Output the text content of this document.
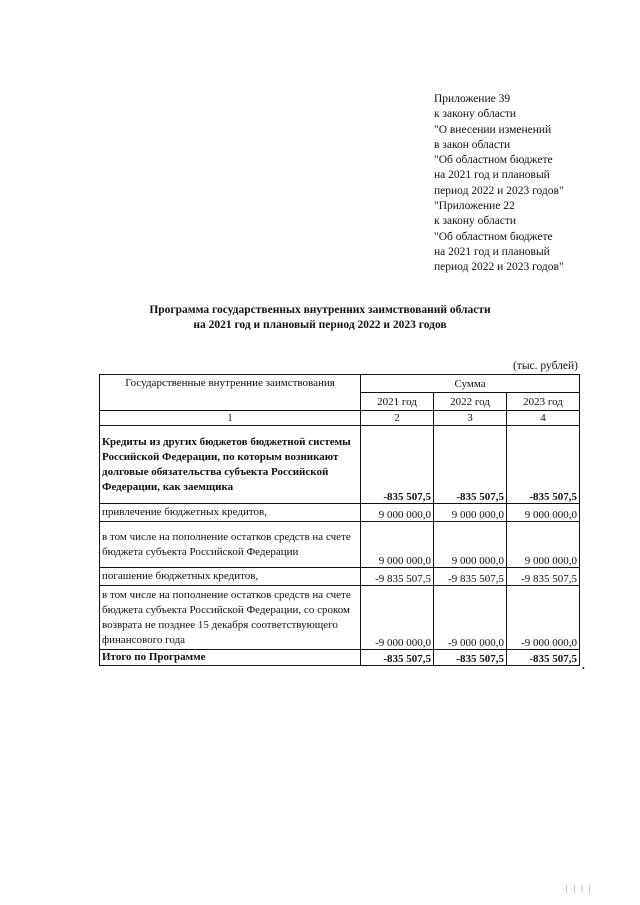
Приложение 39
к закону области
"О внесении изменений
в закон области
"Об областном бюджете
на 2021 год и плановый
период 2022 и 2023 годов"
"Приложение 22
к закону области
"Об областном бюджете
на 2021 год и плановый
период 2022 и 2023 годов"
Программа государственных внутренних заимствований области
на 2021 год и плановый период 2022 и 2023 годов
(тыс. рублей)
Государственные внутренние заимствования	Сумма		
	2021 год	2022 год	2023 год
1	2	3	4
Кредиты из других бюджетов бюджетной системы Российской Федерации, по которым возникают долговые обязательства субъекта Российской Федерации, как заемщика	-835 507,5	-835 507,5	-835 507,5
привлечение бюджетных кредитов,	9 000 000,0	9 000 000,0	9 000 000,0
в том числе на пополнение остатков средств на счете бюджета субъекта Российской Федерации	9 000 000,0	9 000 000,0	9 000 000,0
погашение бюджетных кредитов,	-9 835 507,5	-9 835 507,5	-9 835 507,5
в том числе на пополнение остатков средств на счете бюджета субъекта Российской Федерации, со сроком возврата не позднее 15 декабря соответствующего финансового года	-9 000 000,0	-9 000 000,0	-9 000 000,0
Итого по Программе	-835 507,5	-835 507,5	-835 507,5
•
| | | |
